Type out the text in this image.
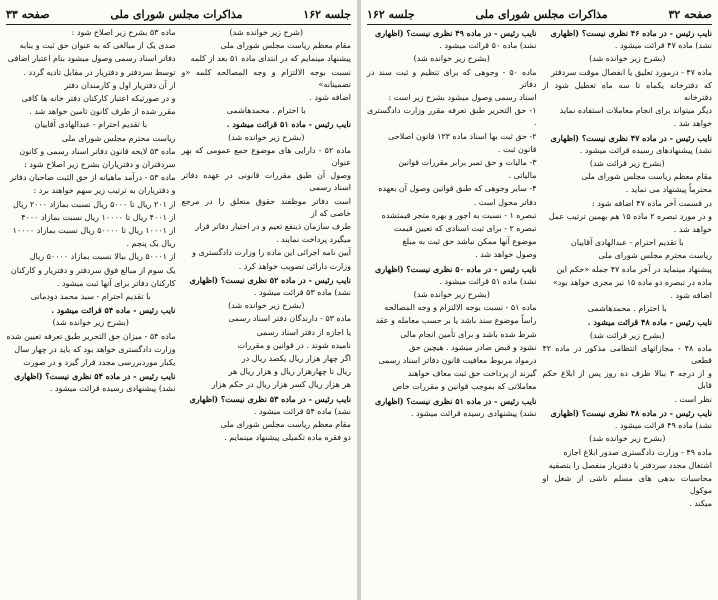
جلسه ۱۶۲
مذاکرات مجلس شورای ملی
صفحه ۳۳

(شرح زیر خوانده شد)

مقام معظم ریاست مجلس شورای ملی

پیشنهاد مینمایم که در ابتدای ماده ۵۱ بعد از کلمه

نسبت بوجه الالتزام و وجه المصالحه کلمه «و تضمینانه»

اضافه شود .

با احترام . محمدهاشمی

نایب رئیس - ماده ۵۱ قرائت میشود .

(بشرح زیر خوانده شد)

ماده ۵۲ - دارایی های موضوع جمع عمومی که بهر عنوان

وصول آن طبق مقررات قانونی در عهده دفاتر اسناد رسمی

است دفاتر موظفند حقوق متعلق را در مرجع خاصی که از

طرف سازمان ذینفع تعیم و در اختیار دفاتر قرار

میگیرد پرداخت نمایند .

آیین نامه اجرائی این ماده را وزارت دادگستری و

وزارت دارائی تصویب خواهد کرد .

نایب رئیس - در ماده ۵۲ نظری نیست؟ (اظهاری

نشد) ماده ۵۳ قرائت میشود .

(بشرح زیر خوانده شد)

ماده ۵۳ - دارندگان دفتر اسناد رسمی

یا اجازه از دفتر اسناد رسمی

نامیده شوند . در قوانین و مقررات

اگر چهار هزار ریال یکصد ریال در

ریال تا چهارهزار ریال و هزار ریال هر

هر هزار ریال کسر هزار ریال در حکم هزار

نایب رئیس - در ماده ۵۳ نظری نیست؟ (اظهاری

نشد) ماده ۵۴ قرائت میشود .

مقام معظم ریاست مجلس شورای ملی

دو فقره ماده تکمیلی پیشنهاد مینمایم .

ماده ۵۳ بشرح زیر اصلاح شود :

صدی یک از مبالغی که به عنوان حق ثبت و بنابه

دفاتر اسناد رسمی وصول میشود بنام اعتبار اضافی

توسط سردفتر و دفتریار در مقابل تادیه گردد .

از آن دفتریار اول و کارمندان دفتر

و در صورتیکه اعتبار کارکنان دفتر خانه ها کافی

مقرر شده از طرف کانون تامین خواهد شد .

با تقدیم احترام - عبدالهادی آقاییان

ریاست محترم مجلس شورای ملی

ماده ۵۳ لایحه قانون دفاتر اسناد رسمی و کانون

سردفتران و دفتریاران بشرح زیر اصلاح شود :

ماده ۵۳ - درآمد ماهیانه از حق الثبت صاحبان دفاتر

و دفتریاران به ترتیب زیر سهم خواهند برد :

از ۲۰۱ ریال تا ۵۰۰۰ ریال نسبت بمازاد ۲۰۰۰ ریال

از ۴۰۰۱ ریال تا ۱۰۰۰۰ ریال نسبت بمازاد ۴۰۰۰

از ۱۰۰۰۱ ریال تا ۵۰۰۰۰ ریال نسبت بمازاد ۱۰۰۰۰

ریال یک پنجم .

از ۵۰۰۰۱ ریال ببالا نسبت بمازاد ۵۰۰۰۰ ریال

یک سوم از مبالغ فوق سردفتر و دفتریار و کارکنان

کارکنان دفاتر برای آنها ثبت میشود .

با تقدیم احترام - سید محمد دودمانی

نایب رئیس - ماده ۵۴ قرائت میشود .

(بشرح زیر خوانده شد)

ماده ۵۴ - میزان حق التحریر طبق تعرفه تعیین شده

وزارت دادگستری خواهد بود که باید در چهار سال

یکبار موردبررسی مجدد قرار گیرد و در صورت

نایب رئیس - در ماده ۵۴ نظری نیست؟ (اظهاری

نشد) پیشنهادی رسیده قرائت میشود .

صفحه ۳۲
مذاکرات مجلس شورای ملی
جلسه ۱۶۲

نایب رئیس - در ماده ۴۶ نظری نیست؟ (اظهاری

نشد) ماده ۴۷ قرائت میشود .

(بشرح زیر خوانده شد)

ماده ۴۷ - درمورد تعلیق یا انفصال موقت سردفتر

که دفترخانه یکماه تا سه ماه تعطیل شود از دفترخانه

دیگر میتواند برای انجام معاملات استفاده نماید

خواهد شد .

نایب رئیس - در ماده ۴۷ نظری نیست؟ (اظهاری

نشد) پیشنهادهای رسیده قرائت میشود .

(بشرح زیر قرائت شد)

مقام معظم ریاست مجلس شورای ملی

محترماً پیشنهاد می نماید .

در قسمت آخر ماده ۴۷ اضافه شود :

و در مورد تبصره ۲ ماده ۱۵ هم بهمین ترتیب عمل

خواهد شد .

با تقدیم احترام - عبدالهادی آقاییان

ریاست محترم مجلس شورای ملی

پیشنهاد مینماید در آخر ماده ۴۷ جمله «حکم این

ماده در تبصره دو ماده ۱۵ نیز مجری خواهد بود»

اضافه شود .

با احترام . محمدهاشمی

نایب رئیس - ماده ۴۸ قرائت میشود .

(بشرح زیر قرائت شد)

ماده ۴۸ - مجازاتهای انتظامی مذکور در ماده ۴۲ قطعی

و از درجه ۳ ببالا ظرف ده روز پس از ابلاغ حکم قابل

نظر است .

نایب رئیس - در ماده ۴۸ نظری نیست؟ (اظهاری

نشد) ماده ۴۹ قرائت میشود .

(بشرح زیر خوانده شد)

ماده ۴۹ - وزارت دادگستری صدور ابلاغ اجازه

اشتغال مجدد سردفتر یا دفتریار منفصل را بتصفیه

محاسبات بدهی های مسلم ناشی از شغل او موکول

میکند .

نایب رئیس - در ماده ۴۹ نظری نیست؟ (اظهاری

نشد) ماده ۵۰ قرائت میشود .

(بشرح زیر خوانده شد)

ماده ۵۰ - وجوهی که برای تنظیم و ثبت سند در دفاتر

اسناد رسمی وصول میشود بشرح زیر است :

۱- حق التحریر طبق تعرفه مقرر وزارت دادگستری .

۲- حق ثبت بها اسناد ماده ۱۲۳ قانون اصلاحی

قانون ثبت .

۳- مالیات و حق تمبر برابر مقررات قوانین

مالیاتی .

۴- سایر وجوهی که طبق قوانین وصول آن بعهده

دفاتر محول است .

تبصره ۱ - نسبت به اجور و بهره متجر قیمتشده

تبصره ۲ - برای ثبت اسنادی که تعیین قیمت

موضوع آنها ممکن نباشد حق ثبت به مبلغ

وصول خواهد شد .

نایب رئیس - در ماده ۵۰ نظری نیست؟ (اظهاری

نشد) ماده ۵۱ قرائت میشود .

(بشرح زیر خوانده شد)

ماده ۵۱ - نسبت بوجه الالتزام و وجه المصالحه

راساً موضوع سند باشد یا بر حسب معامله و عقد

شرط شده باشد و برای تأمین انجام مالی

نشود و قبض صادر میشود . هیچین حق

درمواد مربوط معافیت قانون دفاتر اسناد رسمی

گیرند از پرداخت حق ثبت معاف خواهند

معاملاتی که بموجب قوانین و مقررات خاص

نایب رئیس - در ماده ۵۱ نظری نیست؟ (اظهاری

نشد) پیشنهادی رسیده قرائت میشود .
